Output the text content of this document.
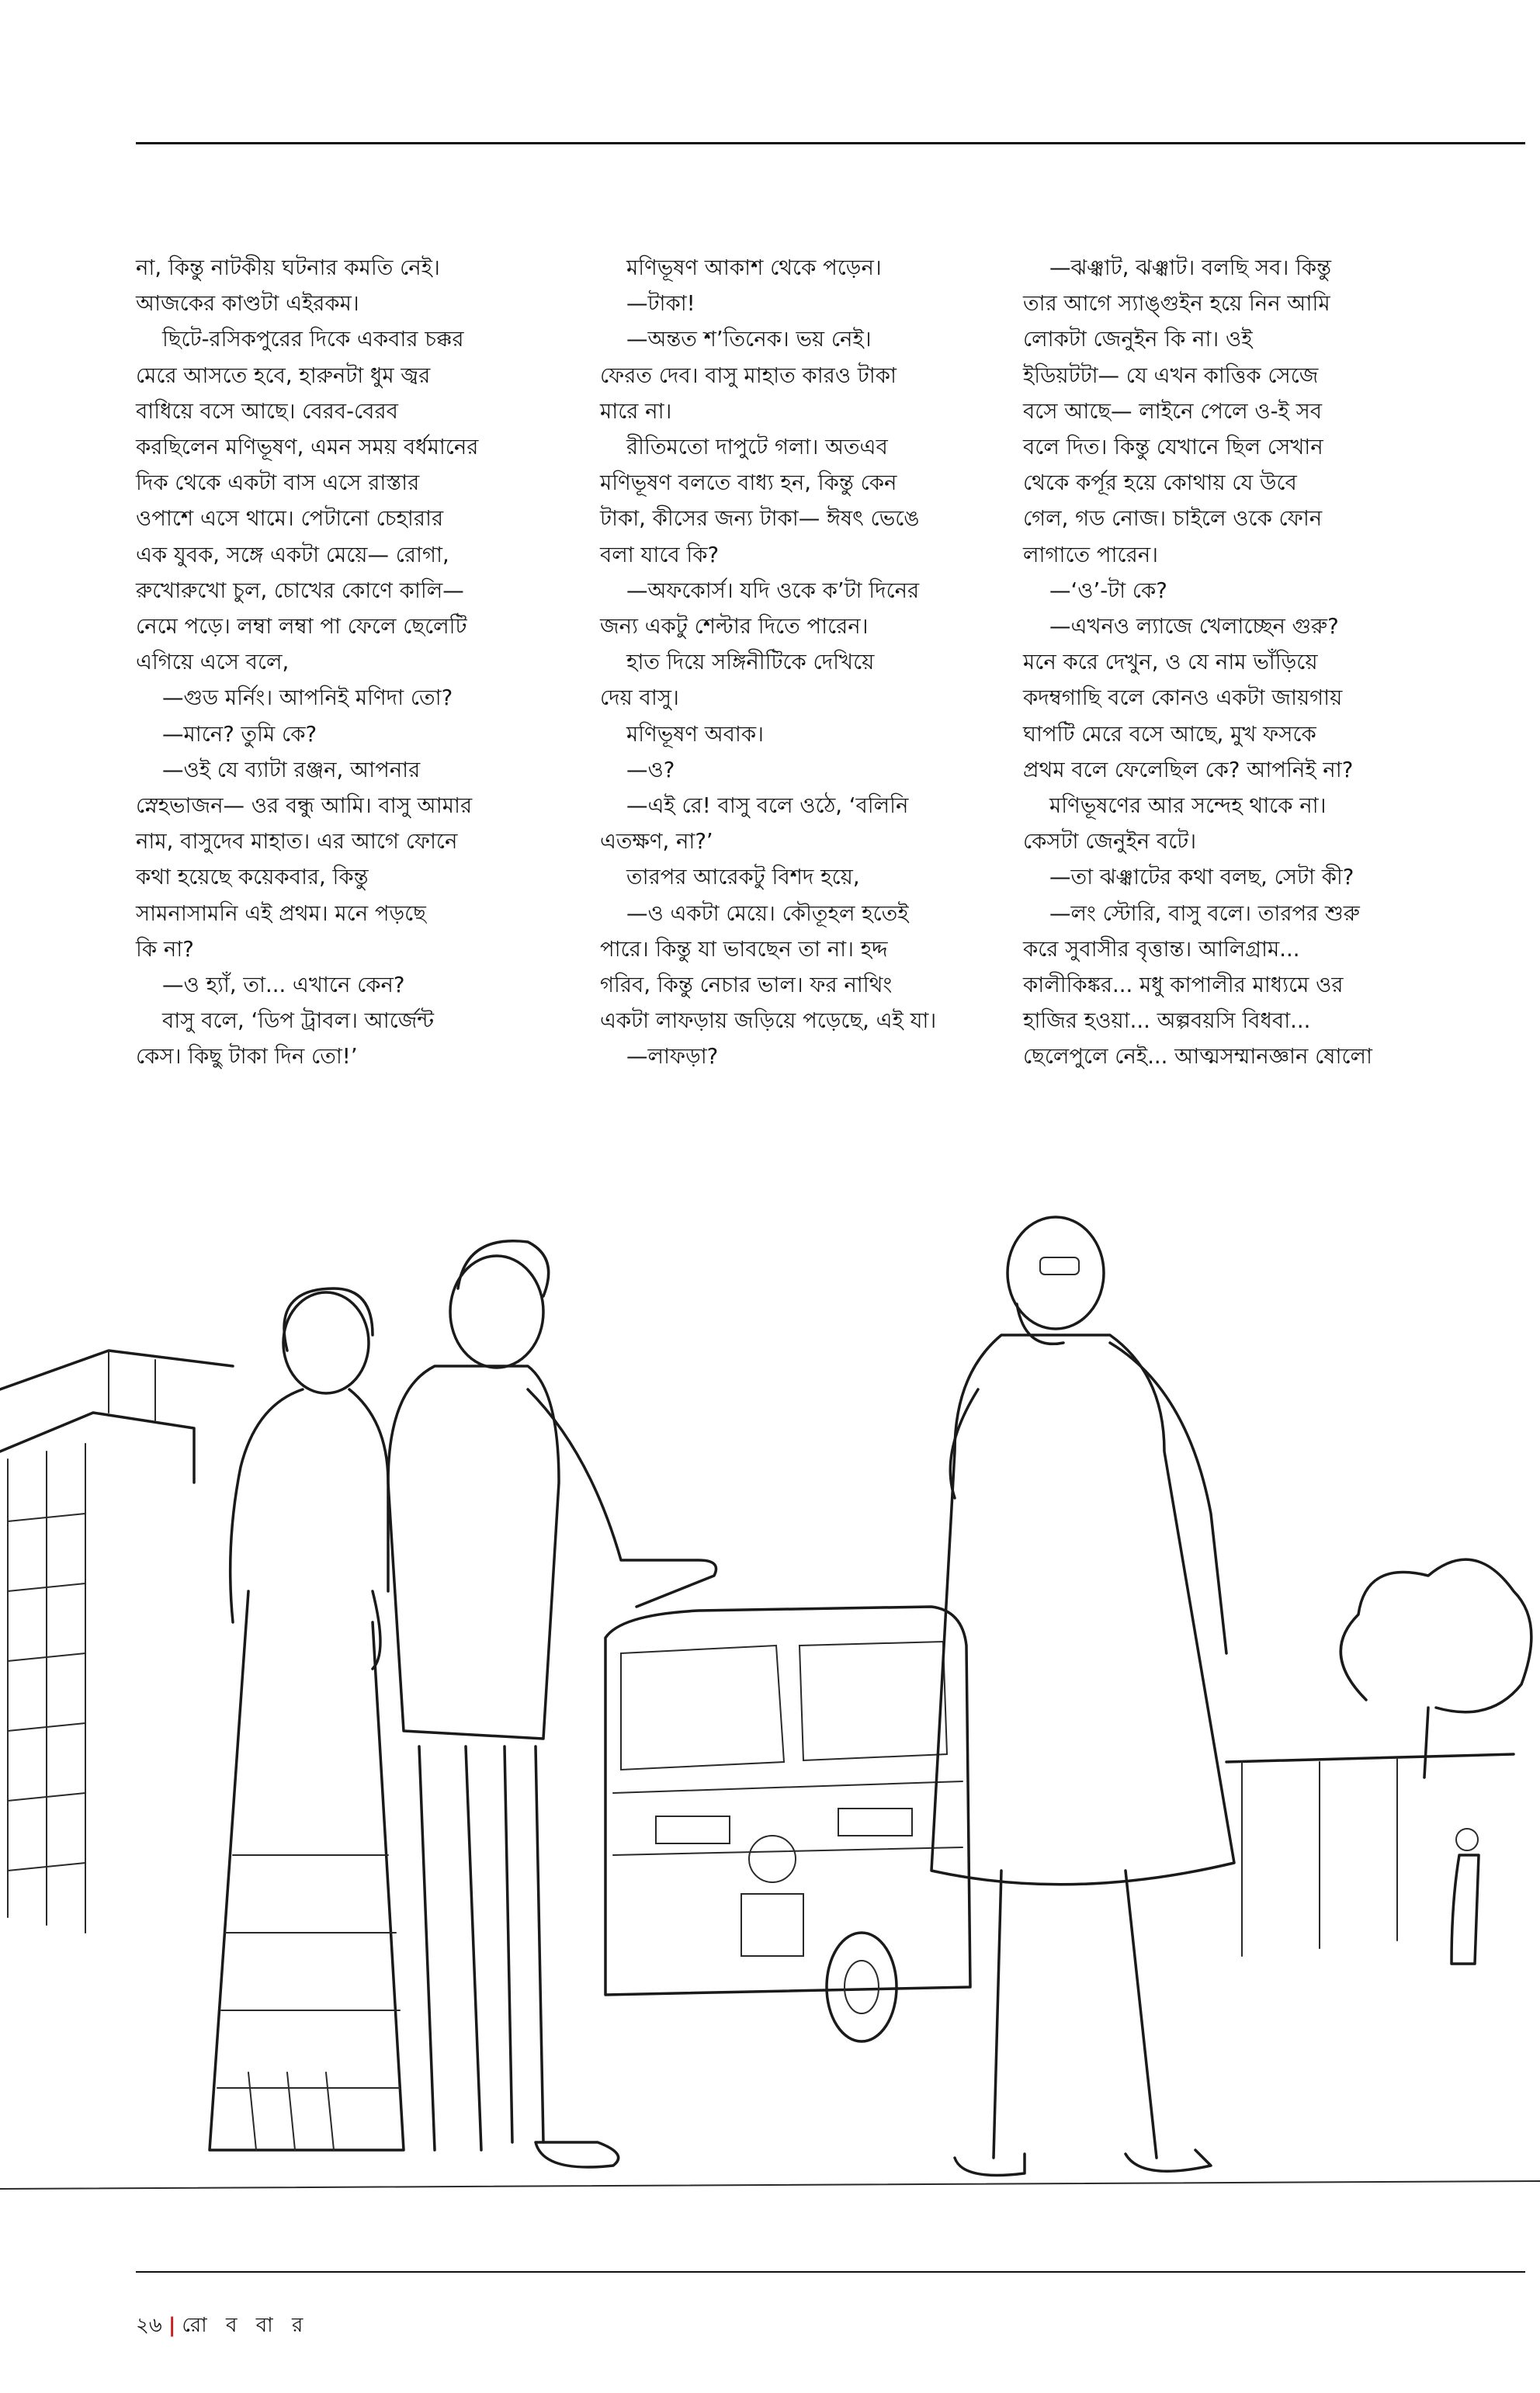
না, কিন্তু নাটকীয় ঘটনার কমতি নেই।

আজকের কাণ্ডটা এইরকম।

ছিটে-রসিকপুরের দিকে একবার চক্কর

মেরে আসতে হবে, হারুনটা ধুম জ্বর

বাধিয়ে বসে আছে। বেরব-বেরব

করছিলেন মণিভূষণ, এমন সময় বর্ধমানের

দিক থেকে একটা বাস এসে রাস্তার

ওপাশে এসে থামে। পেটানো চেহারার

এক যুবক, সঙ্গে একটা মেয়ে— রোগা,

রুখোরুখো চুল, চোখের কোণে কালি—

নেমে পড়ে। লম্বা লম্বা পা ফেলে ছেলেটি

এগিয়ে এসে বলে,

—গুড মর্নিং। আপনিই মণিদা তো?

—মানে? তুমি কে?

—ওই যে ব্যাটা রঞ্জন, আপনার

স্নেহভাজন— ওর বন্ধু আমি। বাসু আমার

নাম, বাসুদেব মাহাত। এর আগে ফোনে

কথা হয়েছে কয়েকবার, কিন্তু

সামনাসামনি এই প্রথম। মনে পড়ছে

কি না?

—ও হ্যাঁ, তা... এখানে কেন?

বাসু বলে, ‘ডিপ ট্রাবল। আর্জেন্ট

কেস। কিছু টাকা দিন তো!’

মণিভূষণ আকাশ থেকে পড়েন।

—টাকা!

—অন্তত শ’তিনেক। ভয় নেই।

ফেরত দেব। বাসু মাহাত কারও টাকা

মারে না।

রীতিমতো দাপুটে গলা। অতএব

মণিভূষণ বলতে বাধ্য হন, কিন্তু কেন

টাকা, কীসের জন্য টাকা— ঈষৎ ভেঙে

বলা যাবে কি?

—অফকোর্স। যদি ওকে ক’টা দিনের

জন্য একটু শেল্টার দিতে পারেন।

হাত দিয়ে সঙ্গিনীটিকে দেখিয়ে

দেয় বাসু।

মণিভূষণ অবাক।

—ও?

—এই রে! বাসু বলে ওঠে, ‘বলিনি

এতক্ষণ, না?’

তারপর আরেকটু বিশদ হয়ে,

—ও একটা মেয়ে। কৌতূহল হতেই

পারে। কিন্তু যা ভাবছেন তা না। হদ্দ

গরিব, কিন্তু নেচার ভাল। ফর নাথিং

একটা লাফড়ায় জড়িয়ে পড়েছে, এই যা।

—লাফড়া?

—ঝঞ্ঝাট, ঝঞ্ঝাট। বলছি সব। কিন্তু

তার আগে স্যাঙ্গুইন হয়ে নিন আমি

লোকটা জেনুইন কি না। ওই

ইডিয়টটা— যে এখন কাত্তিক সেজে

বসে আছে— লাইনে পেলে ও-ই সব

বলে দিত। কিন্তু যেখানে ছিল সেখান

থেকে কর্পূর হয়ে কোথায় যে উবে

গেল, গড নোজ। চাইলে ওকে ফোন

লাগাতে পারেন।

—‘ও’-টা কে?

—এখনও ল্যাজে খেলাচ্ছেন গুরু?

মনে করে দেখুন, ও যে নাম ভাঁড়িয়ে

কদম্বগাছি বলে কোনও একটা জায়গায়

ঘাপটি মেরে বসে আছে, মুখ ফসকে

প্রথম বলে ফেলেছিল কে? আপনিই না?

মণিভূষণের আর সন্দেহ থাকে না।

কেসটা জেনুইন বটে।

—তা ঝঞ্ঝাটের কথা বলছ, সেটা কী?

—লং স্টোরি, বাসু বলে। তারপর শুরু

করে সুবাসীর বৃত্তান্ত। আলিগ্রাম...

কালীকিঙ্কর... মধু কাপালীর মাধ্যমে ওর

হাজির হওয়া... অল্পবয়সি বিধবা...

ছেলেপুলে নেই... আত্মসম্মানজ্ঞান ষোলো

২৬ | রো ব বা র
